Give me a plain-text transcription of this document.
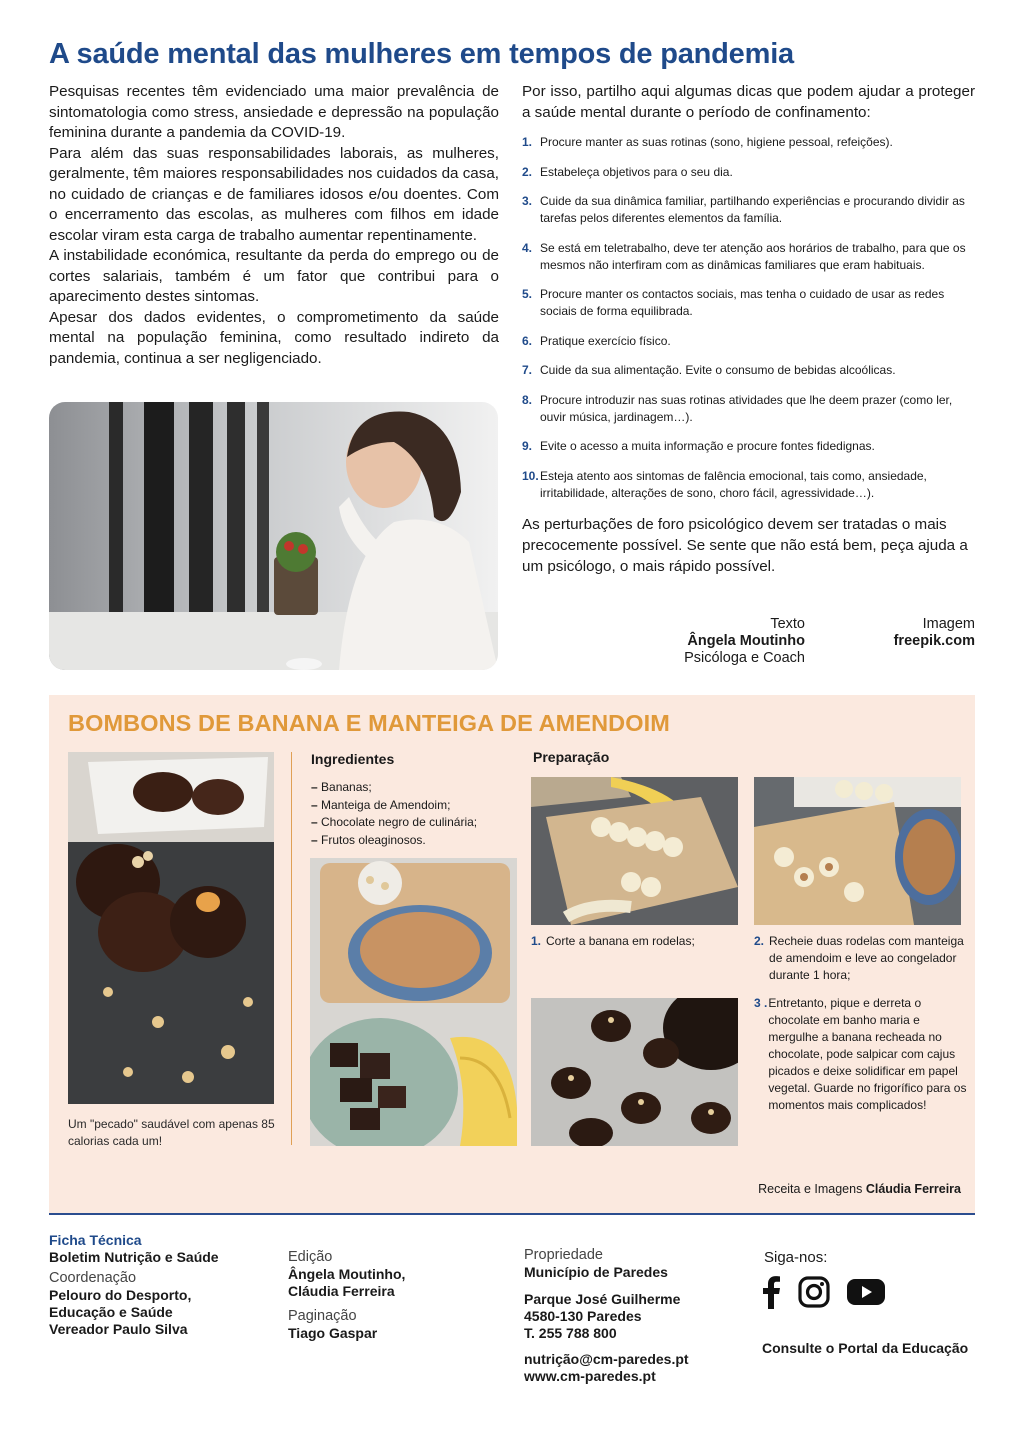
A saúde mental das mulheres em tempos de pandemia

Pesquisas recentes têm evidenciado uma maior prevalência de sintomatologia como stress, ansiedade e depressão na população feminina durante a pandemia da COVID-19.

Para além das suas responsabilidades laborais, as mulheres, geralmente, têm maiores responsabilidades nos cuidados da casa, no cuidado de crianças e de familiares idosos e/ou doentes. Com o encerramento das escolas, as mulheres com filhos em idade escolar viram esta carga de trabalho aumentar repentinamente.

A instabilidade económica, resultante da perda do emprego ou de cortes salariais, também é um fator que contribui para o aparecimento destes sintomas.

Apesar dos dados evidentes, o comprometimento da saúde mental na população feminina, como resultado indireto da pandemia, continua a ser negligenciado.

Por isso, partilho aqui algumas dicas que podem ajudar a proteger a saúde mental durante o período de confinamento:

1. Procure manter as suas rotinas (sono, higiene pessoal, refeições).
2. Estabeleça objetivos para o seu dia.
3. Cuide da sua dinâmica familiar, partilhando experiências e procurando dividir as tarefas pelos diferentes elementos da família.
4. Se está em teletrabalho, deve ter atenção aos horários de trabalho, para que os mesmos não interfiram com as dinâmicas familiares que eram habituais.
5. Procure manter os contactos sociais, mas tenha o cuidado de usar as redes sociais de forma equilibrada.
6. Pratique exercício físico.
7. Cuide da sua alimentação. Evite o consumo de bebidas alcoólicas.
8. Procure introduzir nas suas rotinas atividades que lhe deem prazer (como ler, ouvir música, jardinagem…).
9. Evite o acesso a muita informação e procure fontes fidedignas.
10. Esteja atento aos sintomas de falência emocional, tais como, ansiedade, irritabilidade, alterações de sono, choro fácil, agressividade…).

As perturbações de foro psicológico devem ser tratadas o mais precocemente possível. Se sente que não está bem, peça ajuda a um psicólogo, o mais rápido possível.

Texto
Ângela Moutinho
Psicóloga e Coach
Imagem
freepik.com
BOMBONS DE BANANA E MANTEIGA DE AMENDOIM

Um "pecado" saudável com apenas 85 calorias cada um!

Ingredientes
– Bananas;
– Manteiga de Amendoim;
– Chocolate negro de culinária;
– Frutos oleaginosos.
Preparação
1. Corte a banana em rodelas;	2. Recheie duas rodelas com manteiga de amendoim e leve ao congelador durante 1 hora;
3 . Entretanto, pique e derreta o chocolate em banho maria e mergulhe a banana recheada no chocolate, pode salpicar com cajus picados e deixe solidificar em papel vegetal. Guarde no frigorífico para os momentos mais complicados!
Receita e Imagens Cláudia Ferreira
Ficha Técnica
Boletim Nutrição e Saúde
Coordenação
Pelouro do Desporto,
Educação e Saúde
Vereador Paulo Silva
Edição
Ângela Moutinho,
Cláudia Ferreira
Paginação
Tiago Gaspar
Propriedade
Município de Paredes
Parque José Guilherme
4580-130 Paredes
T. 255 788 800
nutrição@cm-paredes.pt
www.cm-paredes.pt
Siga-nos:
Consulte o Portal da Educação
